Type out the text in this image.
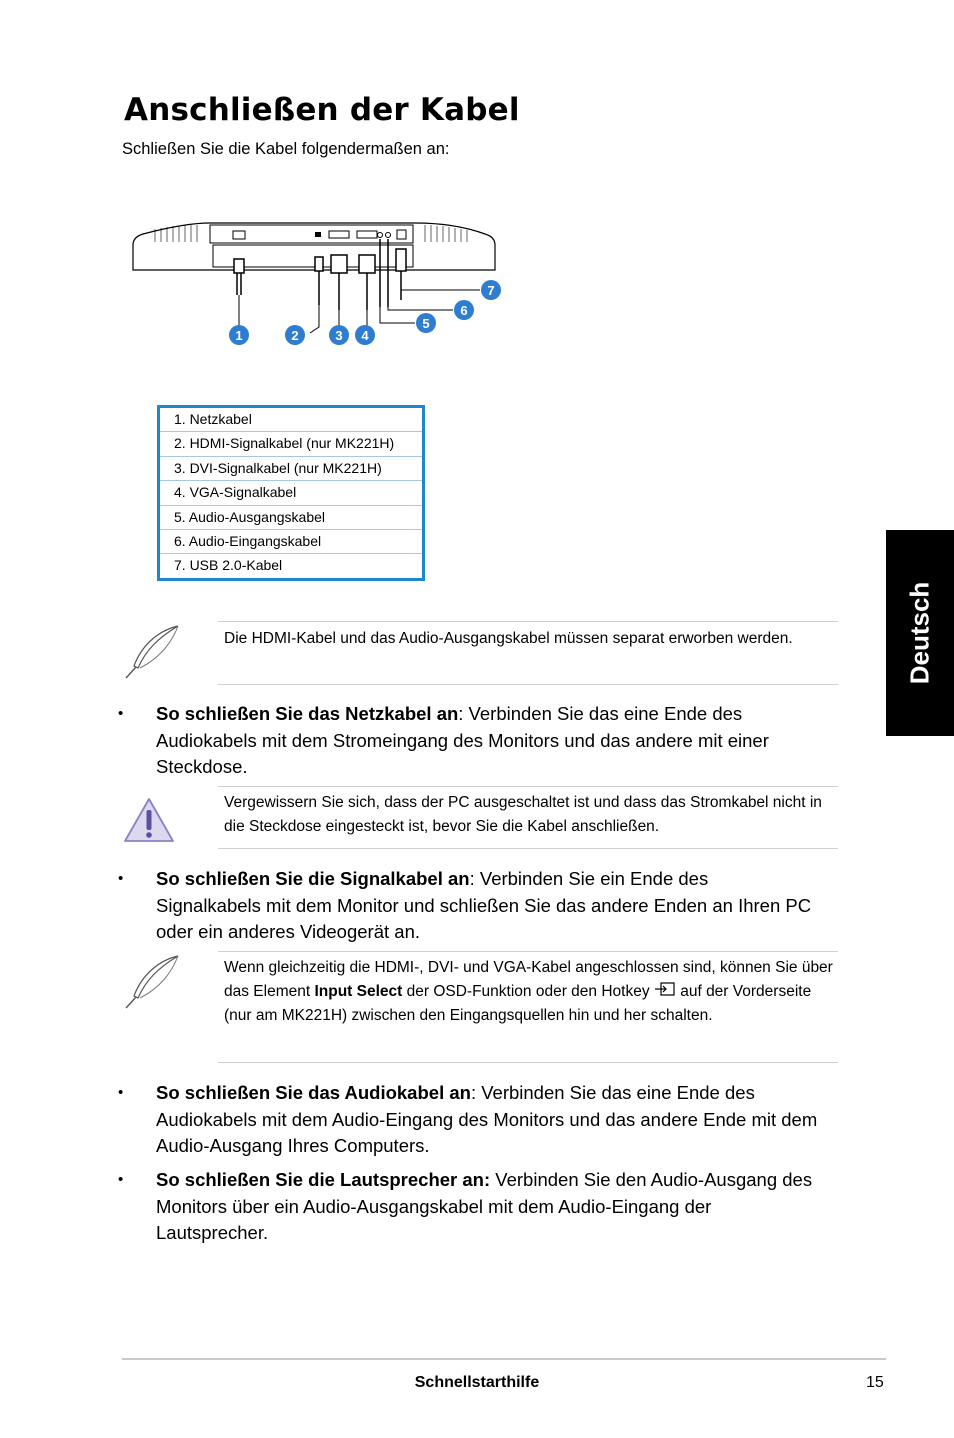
Anschließen der Kabel
Schließen Sie die Kabel folgendermaßen an:
1	2	3 4
5
6
7
1. Netzkabel
2. HDMI-Signalkabel (nur MK221H)
3. DVI-Signalkabel (nur MK221H)
4. VGA-Signalkabel
5. Audio-Ausgangskabel
6. Audio-Eingangskabel
7. USB 2.0-Kabel
Deutsch
Die HDMI-Kabel und das Audio-Ausgangskabel müssen separat erworben werden.
• So schließen Sie das Netzkabel an: Verbinden Sie das eine Ende des Audiokabels mit dem Stromeingang des Monitors und das andere mit einer Steckdose.
Vergewissern Sie sich, dass der PC ausgeschaltet ist und dass das Stromkabel nicht in die Steckdose eingesteckt ist, bevor Sie die Kabel anschließen.
• So schließen Sie die Signalkabel an: Verbinden Sie ein Ende des Signalkabels mit dem Monitor und schließen Sie das andere Enden an Ihren PC oder ein anderes Videogerät an.
Wenn gleichzeitig die HDMI-, DVI- und VGA-Kabel angeschlossen sind, können Sie über das Element Input Select der OSD-Funktion oder den Hotkey  auf der Vorderseite (nur am MK221H) zwischen den Eingangsquellen hin und her schalten.
• So schließen Sie das Audiokabel an: Verbinden Sie das eine Ende des Audiokabels mit dem Audio-Eingang des Monitors und das andere Ende mit dem Audio-Ausgang Ihres Computers.
• So schließen Sie die Lautsprecher an: Verbinden Sie den Audio-Ausgang des Monitors über ein Audio-Ausgangskabel mit dem Audio-Eingang der Lautsprecher.
Schnellstarthilfe	15
